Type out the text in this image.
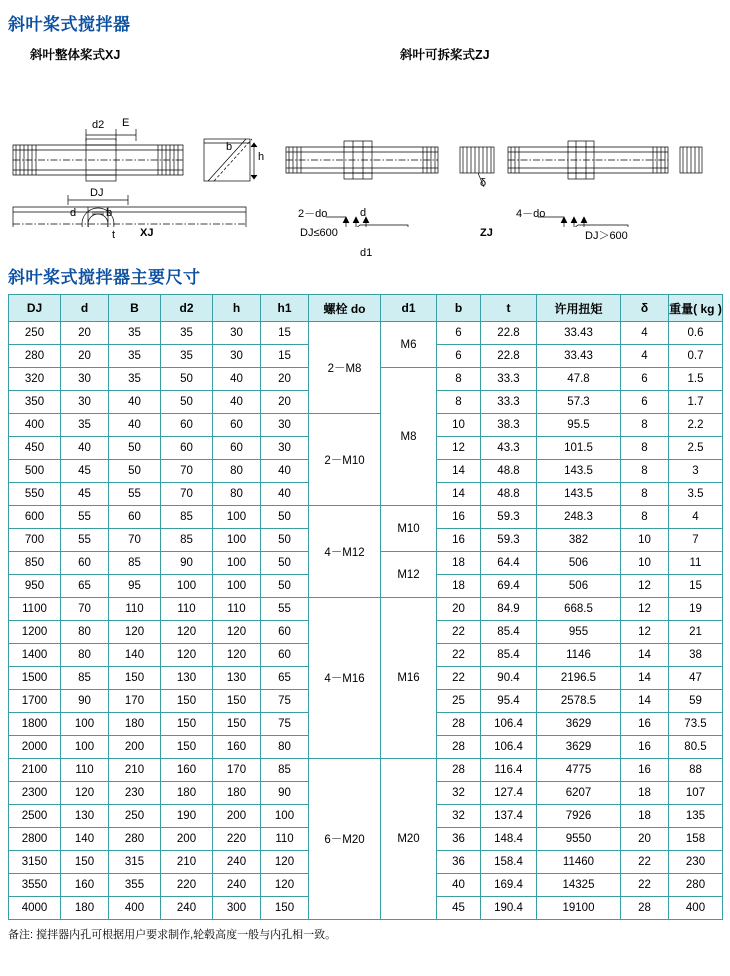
斜叶桨式搅拌器
斜叶整体桨式XJ	斜叶可拆桨式ZJ
d2 E
h
b
δ
DJ
d	b
t
2－do	4－do
d
d1
XJ	DJ≤600	ZJ	DJ＞600
斜叶桨式搅拌器主要尺寸
DJ	d	B	d2	h	h1	螺栓 do	d1	b	t	许用扭矩	δ	重量( kg )
250	20	35	35	30	15	2－M8	M6	6	22.8	33.43	4	0.6
280	20	35	35	30	15			6	22.8	33.43	4	0.7
320	30	35	50	40	20		M8	8	33.3	47.8	6	1.5
350	30	40	50	40	20			8	33.3	57.3	6	1.7
400	35	40	60	60	30	2－M10		10	38.3	95.5	8	2.2
450	40	50	60	60	30			12	43.3	101.5	8	2.5
500	45	50	70	80	40			14	48.8	143.5	8	3
550	45	55	70	80	40			14	48.8	143.5	8	3.5
600	55	60	85	100	50	4－M12	M10	16	59.3	248.3	8	4
700	55	70	85	100	50			16	59.3	382	10	7
850	60	85	90	100	50		M12	18	64.4	506	10	11
950	65	95	100	100	50			18	69.4	506	12	15
1100	70	110	110	110	55	4－M16	M16	20	84.9	668.5	12	19
1200	80	120	120	120	60			22	85.4	955	12	21
1400	80	140	120	120	60			22	85.4	1146	14	38
1500	85	150	130	130	65			22	90.4	2196.5	14	47
1700	90	170	150	150	75			25	95.4	2578.5	14	59
1800	100	180	150	150	75			28	106.4	3629	16	73.5
2000	100	200	150	160	80			28	106.4	3629	16	80.5
2100	110	210	160	170	85	6－M20	M20	28	116.4	4775	16	88
2300	120	230	180	180	90			32	127.4	6207	18	107
2500	130	250	190	200	100			32	137.4	7926	18	135
2800	140	280	200	220	110			36	148.4	9550	20	158
3150	150	315	210	240	120			36	158.4	11460	22	230
3550	160	355	220	240	120			40	169.4	14325	22	280
4000	180	400	240	300	150			45	190.4	19100	28	400
备注: 搅拌器内孔可根据用户要求制作,轮毂高度一般与内孔相一致。
